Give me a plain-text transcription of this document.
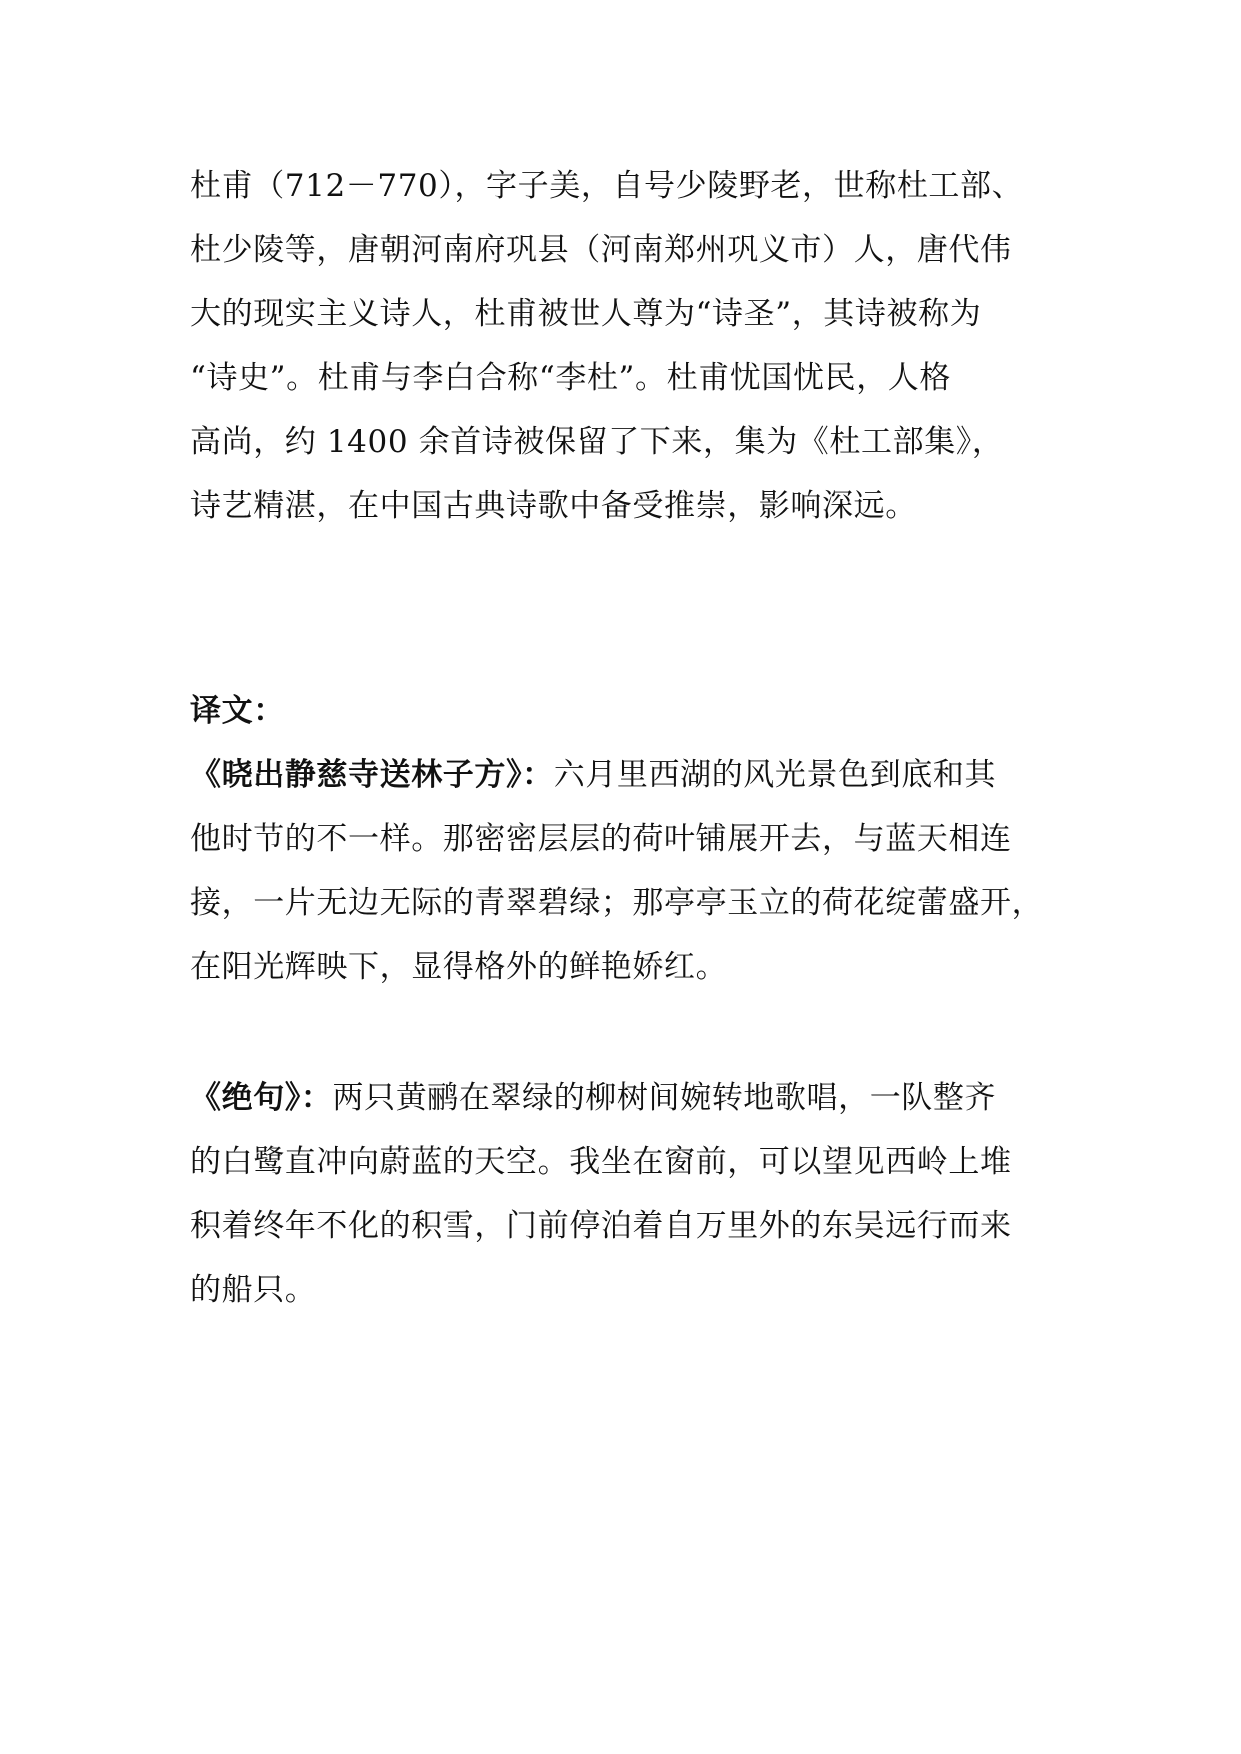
杜甫（712－770），字子美，自号少陵野老，世称杜工部、
杜少陵等，唐朝河南府巩县（河南郑州巩义市）人，唐代伟
大的现实主义诗人，杜甫被世人尊为“诗圣”，其诗被称为
“诗史”。杜甫与李白合称“李杜”。杜甫忧国忧民，人格
高尚，约 1400 余首诗被保留了下来，集为《杜工部集》，
诗艺精湛，在中国古典诗歌中备受推崇，影响深远。
译文：
《晓出静慈寺送林子方》：六月里西湖的风光景色到底和其
他时节的不一样。那密密层层的荷叶铺展开去，与蓝天相连
接，一片无边无际的青翠碧绿；那亭亭玉立的荷花绽蕾盛开，
在阳光辉映下，显得格外的鲜艳娇红。
《绝句》：两只黄鹂在翠绿的柳树间婉转地歌唱，一队整齐
的白鹭直冲向蔚蓝的天空。我坐在窗前，可以望见西岭上堆
积着终年不化的积雪，门前停泊着自万里外的东吴远行而来
的船只。
